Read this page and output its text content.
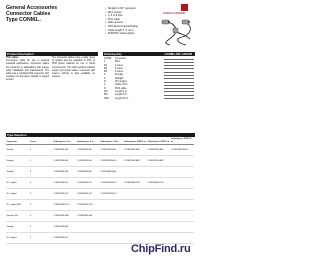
General Accessories
Connector Cables
Type CONM1..
• Straight or 90° connector
• M12 version
• 4, 5 or 8 pins
• PVC cable
• LED versions
• IP67 Environmental Rating
• Cable length 2, 5, 10 m
• PUR/PVC cable options
CARLO GAVAZZI
Product Description
PVC cables

Connection cable for use in general industrial applications. Connector cables are preferred in applications that require quick installation and maintenance. The cable has a moulded M12 connector with coupling nut and either straight or angled version.

The connector cables have a wide range of lengths and are available in PVC or PUR jacket material for use in harsh environments. The LED versions indicate supply and output status. Connector with snap-in locking is also available on request.

Ordering Key	CONM1-4NF-A2P/2M
CONM Connector
1	M12
4N	4 cores
5N	5 cores
8N	8 cores
F	Female
A	Straight
R	90° angled
2	Cable: PVC
P	PUR cable
2M	Length 2 m
5M	Length 5 m
10M	Length 10 m
Type Selection
Connector	Cores	Ordering no. 2 m	Ordering no. 5 m	Ordering no. 10 m	Ordering no. PUR 2 m	Ordering no. PUR 5 m	Ordering no. PUR 10 m
Straight	4	CONM14NF-A2	CONM14NF-A5	CONM14NF-A10	CONM14NF-A2P	CONM14NF-A5P	CONM14NF-A10P
Straight	5	CONM15NF-A2	CONM15NF-A5	CONM15NF-A10	CONM15NF-A2P	CONM15NF-A5P	
Straight	8	CONM18NF-A2	CONM18NF-A5	CONM18NF-A10			
90° angled	4	CONM14NF-R2	CONM14NF-R5	CONM14NF-R10	CONM14NF-R2P	CONM14NF-R5P	
90° angled	5	CONM15NF-R2	CONM15NF-R5	CONM15NF-R10			
90° angled LED	4	CONM14NF-R2L	CONM14NF-R5L				
Straight LED	4	CONM14NF-A2L	CONM14NF-A5L				
Straight	3	CONM13NF-A2					
90° angled	3	CONM13NF-R2					
ChipFind.ru
